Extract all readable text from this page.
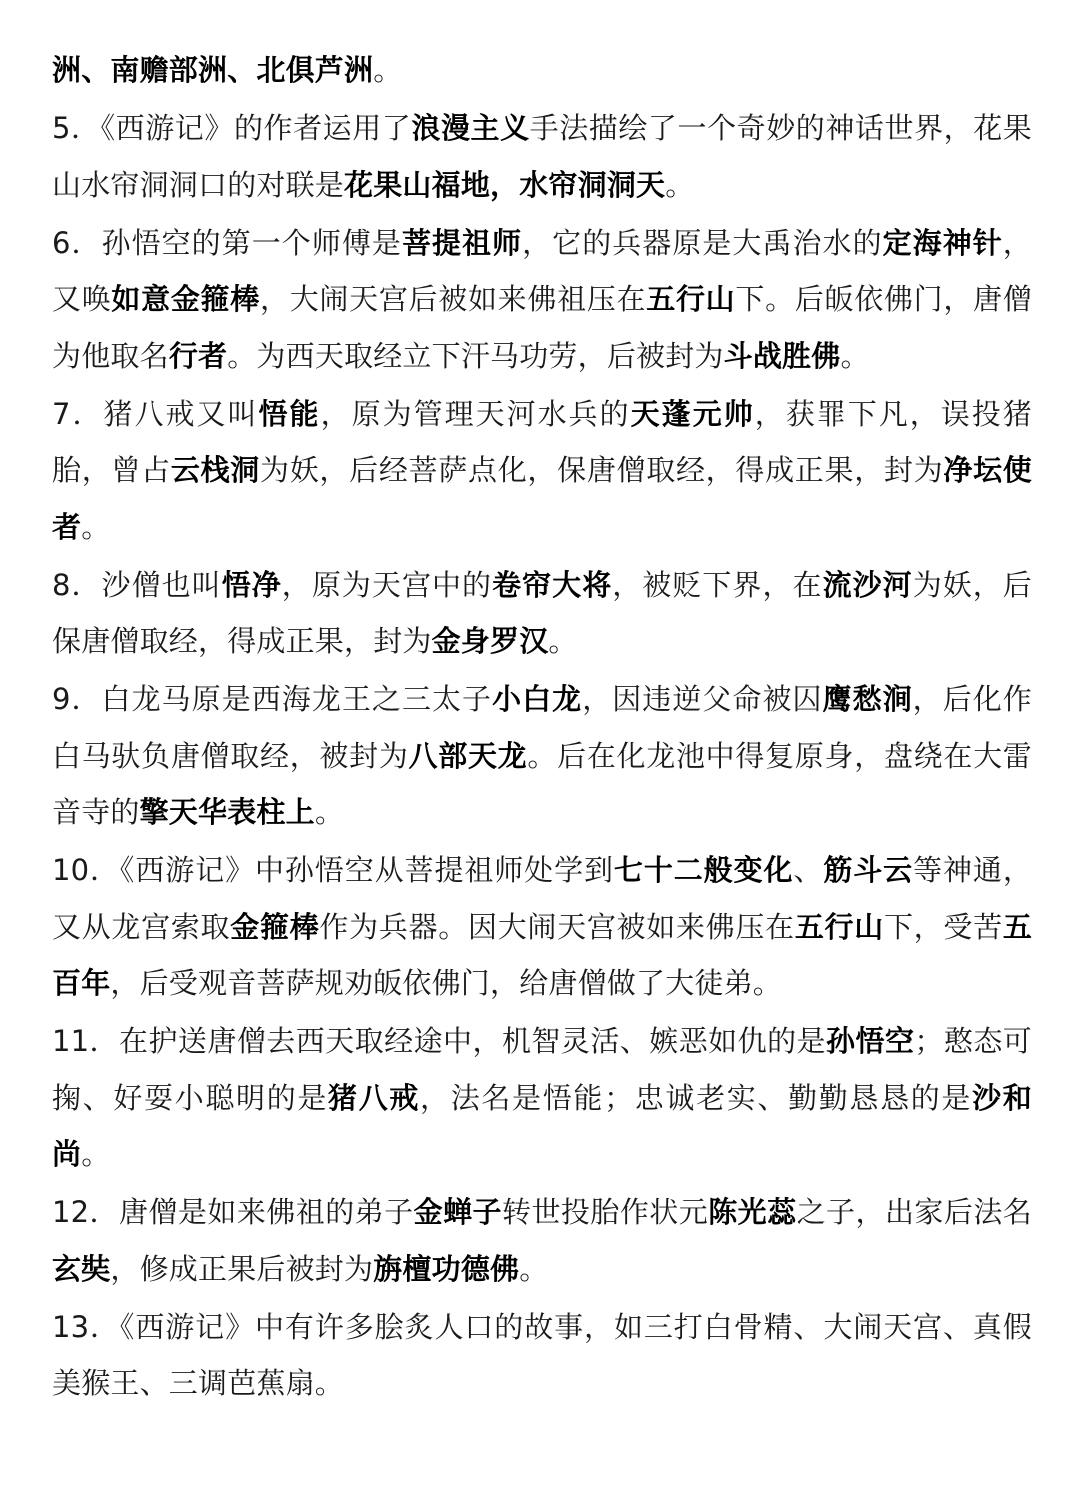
洲、南赡部洲、北俱芦洲。

5．《西游记》的作者运用了浪漫主义手法描绘了一个奇妙的神话世界，花果山水帘洞洞口的对联是花果山福地，水帘洞洞天。

6．孙悟空的第一个师傅是菩提祖师，它的兵器原是大禹治水的定海神针，又唤如意金箍棒，大闹天宫后被如来佛祖压在五行山下。后皈依佛门，唐僧为他取名行者。为西天取经立下汗马功劳，后被封为斗战胜佛。

7．猪八戒又叫悟能，原为管理天河水兵的天蓬元帅，获罪下凡，误投猪胎，曾占云栈洞为妖，后经菩萨点化，保唐僧取经，得成正果，封为净坛使者。

8．沙僧也叫悟净，原为天宫中的卷帘大将，被贬下界，在流沙河为妖，后保唐僧取经，得成正果，封为金身罗汉。

9．白龙马原是西海龙王之三太子小白龙，因违逆父命被囚鹰愁涧，后化作白马驮负唐僧取经，被封为八部天龙。后在化龙池中得复原身，盘绕在大雷音寺的擎天华表柱上。

10．《西游记》中孙悟空从菩提祖师处学到七十二般变化、筋斗云等神通，又从龙宫索取金箍棒作为兵器。因大闹天宫被如来佛压在五行山下，受苦五百年，后受观音菩萨规劝皈依佛门，给唐僧做了大徒弟。

11．在护送唐僧去西天取经途中，机智灵活、嫉恶如仇的是孙悟空；憨态可掬、好耍小聪明的是猪八戒，法名是悟能；忠诚老实、勤勤恳恳的是沙和尚。

12．唐僧是如来佛祖的弟子金蝉子转世投胎作状元陈光蕊之子，出家后法名玄奘，修成正果后被封为旃檀功德佛。

13．《西游记》中有许多脍炙人口的故事，如三打白骨精、大闹天宫、真假美猴王、三调芭蕉扇。
